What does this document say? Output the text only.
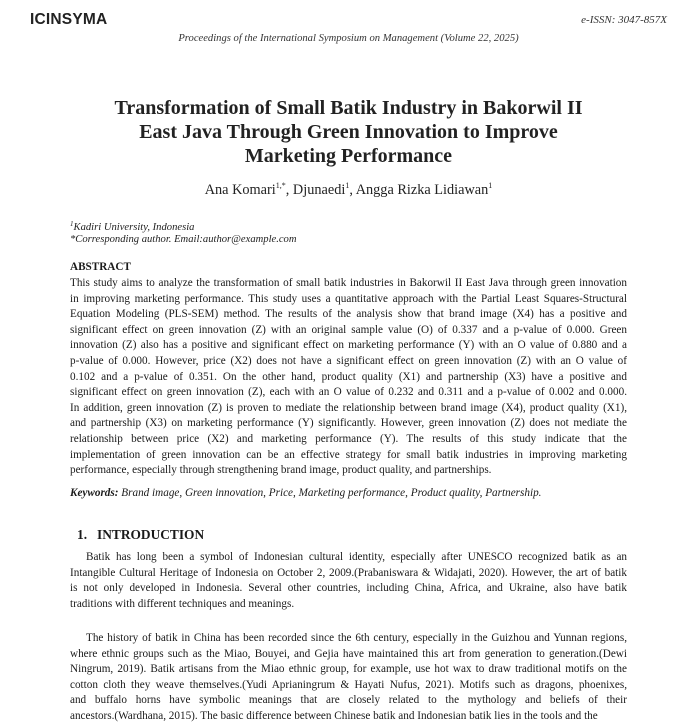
ICINSYMA	e-ISSN: 3047-857X
Proceedings of the International Symposium on Management (Volume 22, 2025)
Transformation of Small Batik Industry in Bakorwil II
East Java Through Green Innovation to Improve
Marketing Performance
Ana Komari$^{1,*}$, Djunaedi$^1$, Angga Rizka Lidiawan$^1$
$^1$Kadiri University, Indonesia
*Corresponding author. Email:author@example.com
ABSTRACT
This study aims to analyze the transformation of small batik industries in Bakorwil II East Java through green innovation
in improving marketing performance. This study uses a quantitative approach with the Partial Least Squares-Structural
Equation Modeling (PLS-SEM) method. The results of the analysis show that brand image (X4) has a positive and
significant effect on green innovation (Z) with an original sample value (O) of 0.337 and a p-value of 0.000. Green
innovation (Z) also has a positive and significant effect on marketing performance (Y) with an O value of 0.880 and a
p-value of 0.000. However, price (X2) does not have a significant effect on green innovation (Z) with an O value of
0.102 and a p-value of 0.351. On the other hand, product quality (X1) and partnership (X3) have a positive and
significant effect on green innovation (Z), each with an O value of 0.232 and 0.311 and a p-value of 0.002 and 0.000.
In addition, green innovation (Z) is proven to mediate the relationship between brand image (X4), product quality (X1),
and partnership (X3) on marketing performance (Y) significantly. However, green innovation (Z) does not mediate the
relationship between price (X2) and marketing performance (Y). The results of this study indicate that the
implementation of green innovation can be an effective strategy for small batik industries in improving marketing
performance, especially through strengthening brand image, product quality, and partnerships.
Keywords: Brand image, Green innovation, Price, Marketing performance, Product quality, Partnership.
1. INTRODUCTION
Batik has long been a symbol of Indonesian cultural identity, especially after UNESCO recognized batik as an
Intangible Cultural Heritage of Indonesia on October 2, 2009.(Prabaniswara & Widajati, 2020). However, the art of batik
is not only developed in Indonesia. Several other countries, including China, Africa, and Ukraine, also have batik
traditions with different techniques and meanings.
The history of batik in China has been recorded since the 6th century, especially in the Guizhou and Yunnan regions,
where ethnic groups such as the Miao, Bouyei, and Gejia have maintained this art from generation to generation.(Dewi
Ningrum, 2019). Batik artisans from the Miao ethnic group, for example, use hot wax to draw traditional motifs on the
cotton cloth they weave themselves.(Yudi Aprianingrum & Hayati Nufus, 2021). Motifs such as dragons, phoenixes,
and buffalo horns have symbolic meanings that are closely related to the mythology and beliefs of their
ancestors.(Wardhana, 2015). The basic difference between Chinese batik and Indonesian batik lies in the tools and the
